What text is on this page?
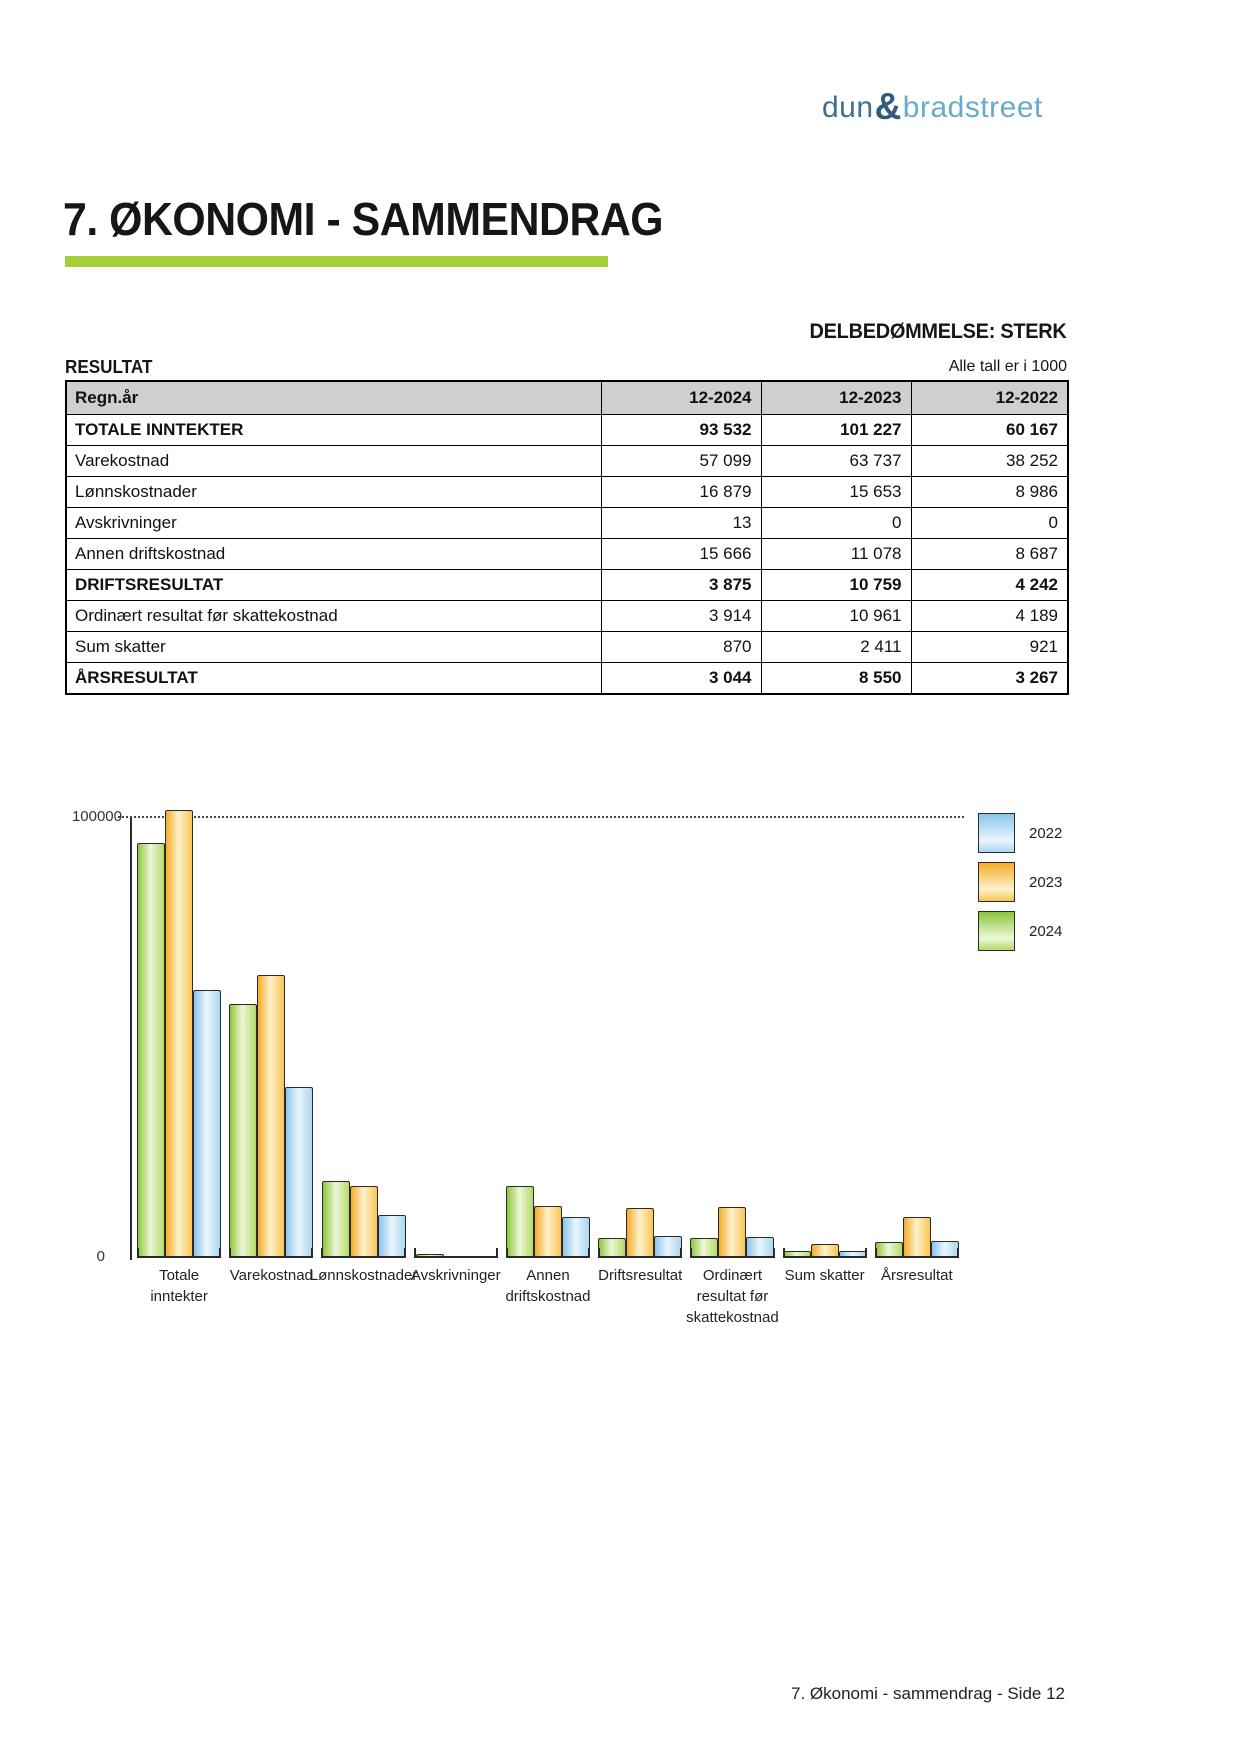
dun & bradstreet
7. ØKONOMI - SAMMENDRAG
DELBEDØMMELSE: STERK
RESULTAT	Alle tall er i 1000
Regn.år	12-2024	12-2023	12-2022
TOTALE INNTEKTER	93 532	101 227	60 167
Varekostnad	57 099	63 737	38 252
Lønnskostnader	16 879	15 653	8 986
Avskrivninger	13	0	0
Annen driftskostnad	15 666	11 078	8 687
DRIFTSRESULTAT	3 875	10 759	4 242
Ordinært resultat før skattekostnad	3 914	10 961	4 189
Sum skatter	870	2 411	921
ÅRSRESULTAT	3 044	8 550	3 267
100000
0
Totale
inntekter
Varekostnad
Lønnskostnader
Avskrivninger	Annen
driftskostnad
Driftsresultat	Ordinært
resultat før
skattekostnad
Sum skatter	Årsresultat
2022
2023
2024
7. Økonomi - sammendrag - Side 12
